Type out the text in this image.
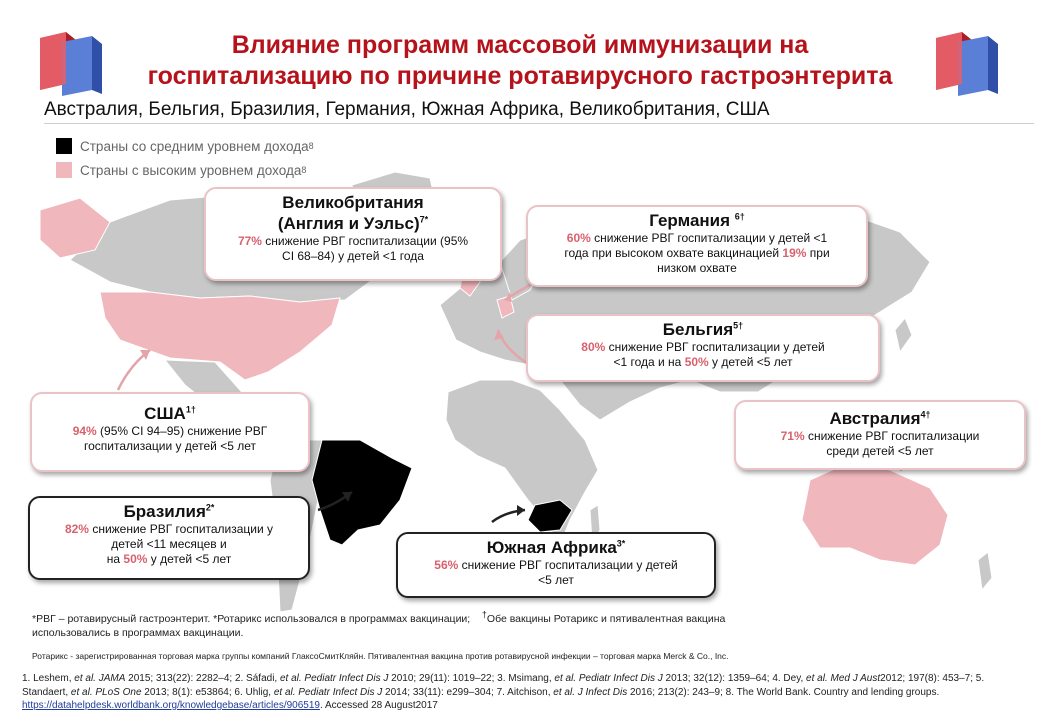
Влияние программ массовой иммунизации на
госпитализацию по причине ротавирусного гастроэнтерита
Австралия, Бельгия, Бразилия, Германия, Южная Африка, Великобритания, США
Страны со средним уровнем дохода 8
Страны с высоким уровнем дохода 8
Великобритания
(Англия и Уэльс)$^{7*}$

77% снижение РВГ госпитализации (95%
CI 68–84) у детей <1 года

Германия $^{6\dagger}$

60% снижение РВГ госпитализации у детей <1
года при высоком охвате вакцинацией 19% при
низком охвате

Бельгия$^{5\dagger}$

80% снижение РВГ госпитализации у детей
<1 года и на 50% у детей <5 лет

$США^{1\dagger}$

94% (95% CI 94–95) снижение РВГ
госпитализации у детей <5 лет

Австралия$^{4\dagger}$

71% снижение РВГ госпитализации
среди детей <5 лет

Бразилия$^{2*}$

82% снижение РВГ госпитализации у
детей <11 месяцев и
на 50% у детей <5 лет

Южная Африка$^{3*}$

56% снижение РВГ госпитализации у детей
<5 лет

*РВГ – ротавирусный гастроэнтерит. *Ротарикс использовался в программах вакцинации; †Обе вакцины Ротарикс и пятивалентная вакцина
использовались в программах вакцинации.
Ротарикс - зарегистрированная торговая марка группы компаний ГлаксоСмитКляйн. Пятивалентная вакцина против ротавирусной инфекции – торговая марка Merck & Co., Inc.
1. Leshem, et al. JAMA 2015; 313(22): 2282–4; 2. Sáfadi, et al. Pediatr Infect Dis J 2010; 29(11): 1019–22; 3. Msimang, et al. Pediatr Infect Dis J 2013; 32(12): 1359–64; 4. Dey, et al. Med J Aust2012; 197(8): 453–7; 5. Standaert, et al. PLoS One 2013; 8(1): e53864; 6. Uhlig, et al. Pediatr Infect Dis J 2014; 33(11): e299–304; 7. Aitchison, et al. J Infect Dis 2016; 213(2): 243–9; 8. The World Bank. Country and lending groups. https://datahelpdesk.worldbank.org/knowledgebase/articles/906519. Accessed 28 August2017
